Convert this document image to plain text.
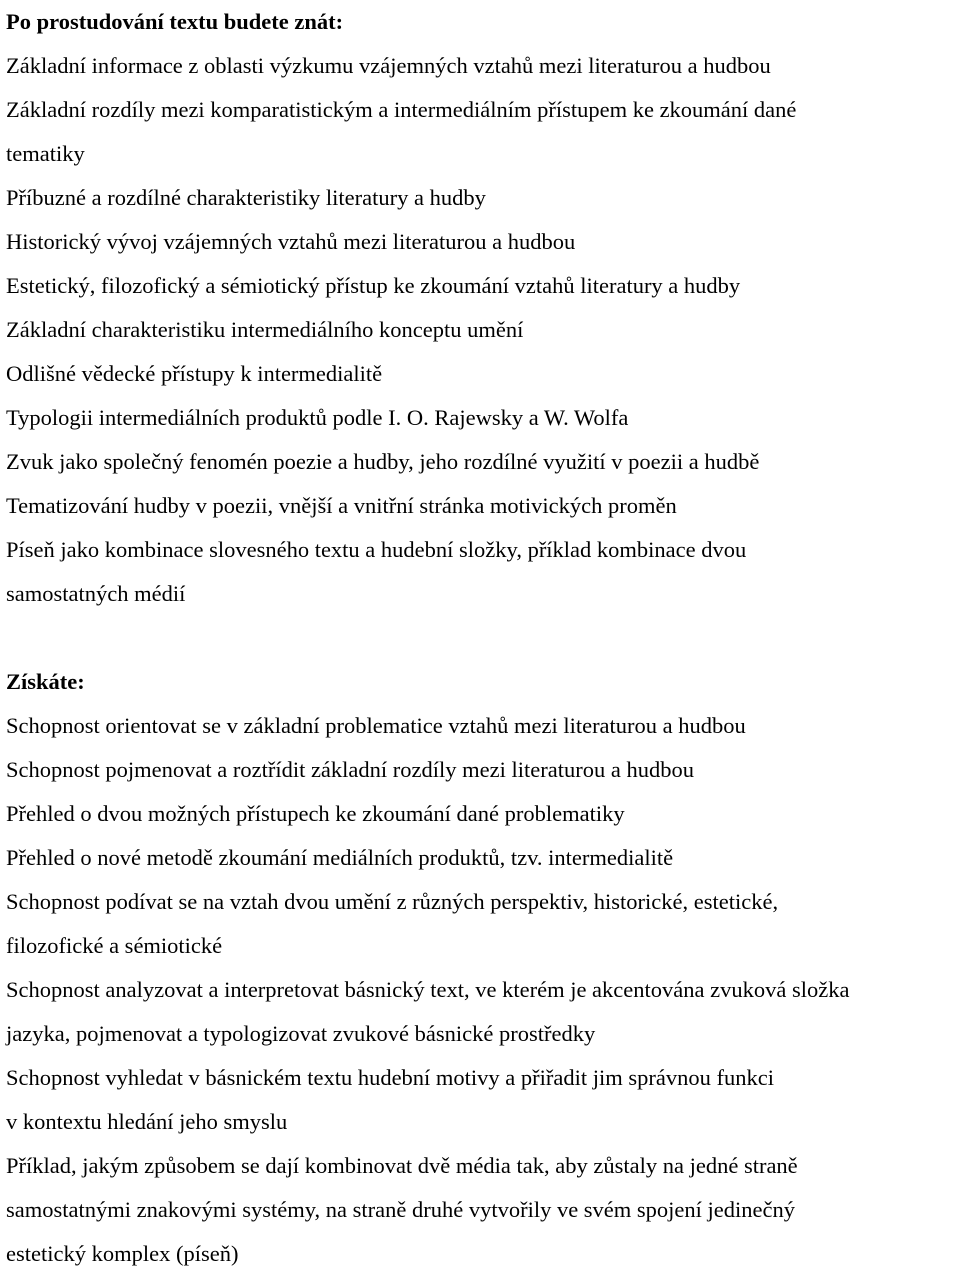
Po prostudování textu budete znát:
Základní informace z oblasti výzkumu vzájemných vztahů mezi literaturou a hudbou
Základní rozdíly mezi komparatistickým a intermediálním přístupem ke zkoumání dané
tematiky
Příbuzné a rozdílné charakteristiky literatury a hudby
Historický vývoj vzájemných vztahů mezi literaturou a hudbou
Estetický, filozofický a sémiotický přístup ke zkoumání vztahů literatury a hudby
Základní charakteristiku intermediálního konceptu umění
Odlišné vědecké přístupy k intermedialitě
Typologii intermediálních produktů podle I. O. Rajewsky a W. Wolfa
Zvuk jako společný fenomén poezie a hudby, jeho rozdílné využití v poezii a hudbě
Tematizování hudby v poezii, vnější a vnitřní stránka motivických proměn
Píseň jako kombinace slovesného textu a hudební složky, příklad kombinace dvou
samostatných médií
Získáte:
Schopnost orientovat se v základní problematice vztahů mezi literaturou a hudbou
Schopnost pojmenovat a roztřídit základní rozdíly mezi literaturou a hudbou
Přehled o dvou možných přístupech ke zkoumání dané problematiky
Přehled o nové metodě zkoumání mediálních produktů, tzv. intermedialitě
Schopnost podívat se na vztah dvou umění z různých perspektiv, historické, estetické,
filozofické a sémiotické
Schopnost analyzovat a interpretovat básnický text, ve kterém je akcentována zvuková složka
jazyka, pojmenovat a typologizovat zvukové básnické prostředky
Schopnost vyhledat v básnickém textu hudební motivy a přiřadit jim správnou funkci
v kontextu hledání jeho smyslu
Příklad, jakým způsobem se dají kombinovat dvě média tak, aby zůstaly na jedné straně
samostatnými znakovými systémy, na straně druhé vytvořily ve svém spojení jedinečný
estetický komplex (píseň)
